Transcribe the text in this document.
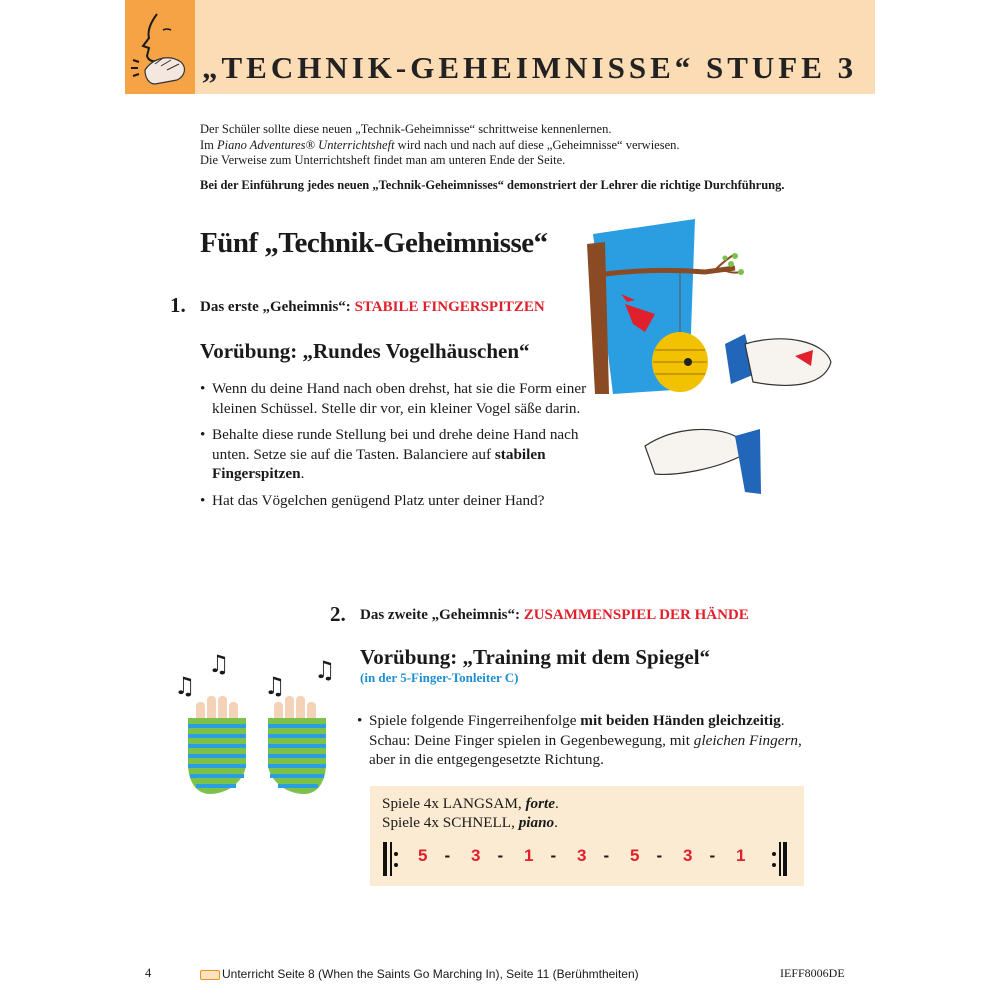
„TECHNIK-GEHEIMNISSE“ STUFE 3

Der Schüler sollte diese neuen „Technik-Geheimnisse“ schrittweise kennenlernen.

Im Piano Adventures® Unterrichtsheft wird nach und nach auf diese „Geheimnisse“ verwiesen.

Die Verweise zum Unterrichtsheft findet man am unteren Ende der Seite.

Bei der Einführung jedes neuen „Technik-Geheimnisses“ demonstriert der Lehrer die richtige Durchführung.

Fünf „Technik-Geheimnisse“
1. Das erste „Geheimnis“: STABILE FINGERSPITZEN
Vorübung: „Rundes Vogelhäuschen“
• Wenn du deine Hand nach oben drehst, hat sie die Form einer kleinen Schüssel. Stelle dir vor, ein kleiner Vogel säße darin.
• Behalte diese runde Stellung bei und drehe deine Hand nach unten. Setze sie auf die Tasten. Balanciere auf stabilen Fingerspitzen.
• Hat das Vögelchen genügend Platz unter deiner Hand?
2. Das zweite „Geheimnis“: ZUSAMMENSPIEL DER HÄNDE
Vorübung: „Training mit dem Spiegel“
(in der 5-Finger-Tonleiter C)
• Spiele folgende Fingerreihenfolge mit beiden Händen gleichzeitig. Schau: Deine Finger spielen in Gegenbewegung, mit gleichen Fingern, aber in die entgegengesetzte Richtung.
♫
♫	♫
♫
Spiele 4x LANGSAM, forte.
Spiele 4x SCHNELL, piano.
5 - 3 - 1 - 3 - 5 - 3 - 1
4	Unterricht Seite 8 (When the Saints Go Marching In), Seite 11 (Berühmtheiten)	IEFF8006DE
